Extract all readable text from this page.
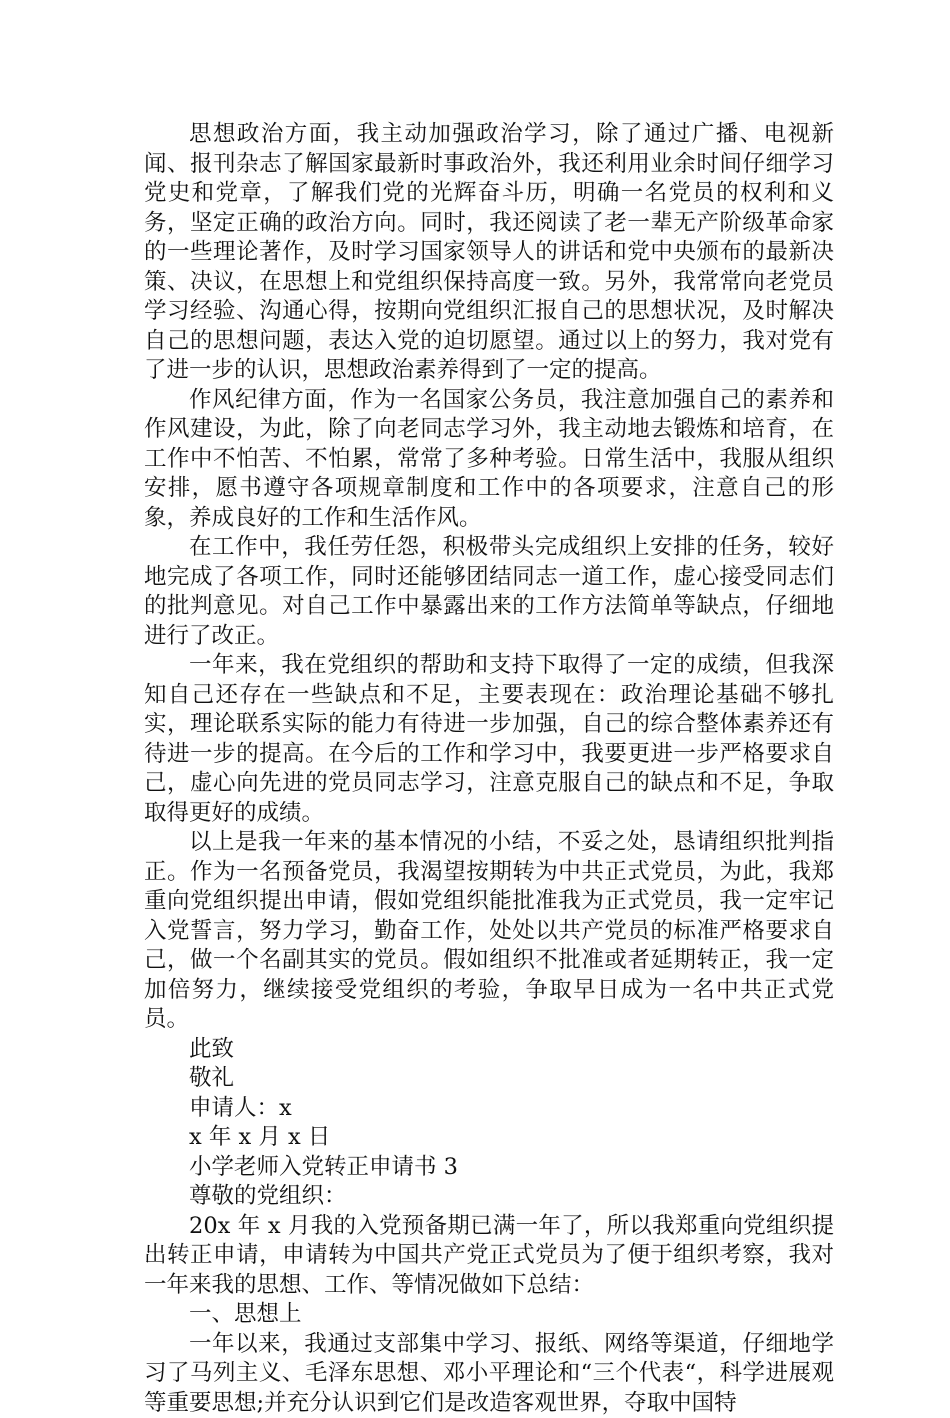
思想政治方面，我主动加强政治学习，除了通过广播、电视新闻、报刊杂志了解国家最新时事政治外，我还利用业余时间仔细学习党史和党章，了解我们党的光辉奋斗历，明确一名党员的权利和义务，坚定正确的政治方向。同时，我还阅读了老一辈无产阶级革命家的一些理论著作，及时学习国家领导人的讲话和党中央颁布的最新决策、决议，在思想上和党组织保持高度一致。另外，我常常向老党员学习经验、沟通心得，按期向党组织汇报自己的思想状况，及时解决自己的思想问题，表达入党的迫切愿望。通过以上的努力，我对党有了进一步的认识，思想政治素养得到了一定的提高。

作风纪律方面，作为一名国家公务员，我注意加强自己的素养和作风建设，为此，除了向老同志学习外，我主动地去锻炼和培育，在工作中不怕苦、不怕累，常常了多种考验。日常生活中，我服从组织安排，愿书遵守各项规章制度和工作中的各项要求，注意自己的形象，养成良好的工作和生活作风。

在工作中，我任劳任怨，积极带头完成组织上安排的任务，较好地完成了各项工作，同时还能够团结同志一道工作，虚心接受同志们的批判意见。对自己工作中暴露出来的工作方法简单等缺点，仔细地进行了改正。

一年来，我在党组织的帮助和支持下取得了一定的成绩，但我深知自己还存在一些缺点和不足，主要表现在：政治理论基础不够扎实，理论联系实际的能力有待进一步加强，自己的综合整体素养还有待进一步的提高。在今后的工作和学习中，我要更进一步严格要求自己，虚心向先进的党员同志学习，注意克服自己的缺点和不足，争取取得更好的成绩。

以上是我一年来的基本情况的小结，不妥之处，恳请组织批判指正。作为一名预备党员，我渴望按期转为中共正式党员，为此，我郑重向党组织提出申请，假如党组织能批准我为正式党员，我一定牢记入党誓言，努力学习，勤奋工作，处处以共产党员的标准严格要求自己，做一个名副其实的党员。假如组织不批准或者延期转正，我一定加倍努力，继续接受党组织的考验，争取早日成为一名中共正式党员。

此致

敬礼

申请人：x

x 年 x 月 x 日

小学老师入党转正申请书 3

尊敬的党组织：

20x 年 x 月我的入党预备期已满一年了，所以我郑重向党组织提出转正申请，申请转为中国共产党正式党员为了便于组织考察，我对一年来我的思想、工作、等情况做如下总结：

一、思想上

一年以来，我通过支部集中学习、报纸、网络等渠道，仔细地学习了马列主义、毛泽东思想、邓小平理论和“三个代表“，科学进展观等重要思想;并充分认识到它们是改造客观世界，夺取中国特
